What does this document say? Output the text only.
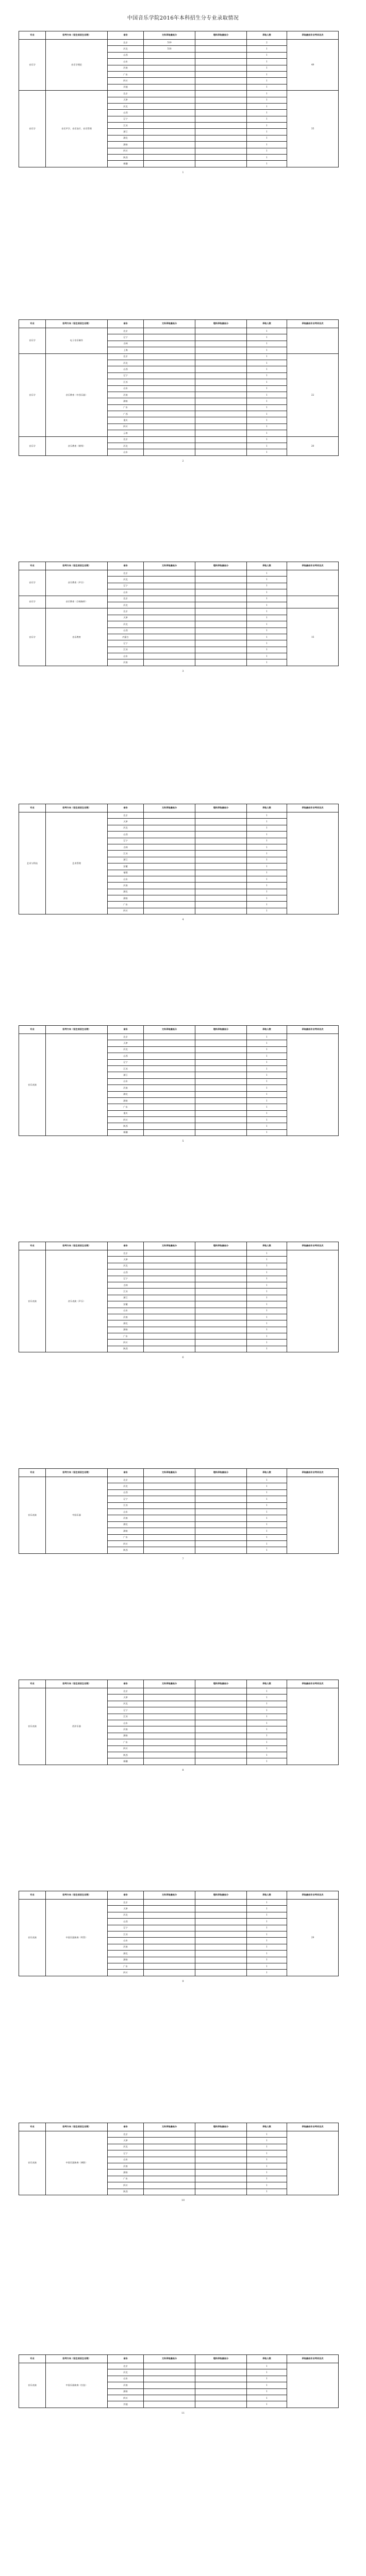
中国音乐学院2016年本科招生分专业录取情况
专业	招考方向（招生拟招生名数）	省份	文科录取最低分	理科录取最低分	录取人数	录取最低专业考试名次
音乐学	音乐学理论	北京	519		2	49
		河北	518		1	
		山西			1	
		山东			1	
		河南			1	
		广东			1	
		四川			1	
		其他			1	
音乐学	音乐声学、音乐治疗、音乐管理	北京			1	35
		天津			1	
		河北			1	
		山西			1	
		辽宁			1	
		江苏			1	
		浙江			1	
		湖北			1	
		湖南			1	
		四川			1	
		陕西			1	
		新疆			1	
1
专业	招考方向（招生拟招生名数）	省份	文科录取最低分	理科录取最低分	录取人数	录取最低专业考试名次
音乐学	电子音乐制作	北京			1	
		辽宁			1	
		吉林			1	
		上海			1	
音乐学	音乐教育（中西乐器）	北京			1	22
		河北			1	
		山西			1	
		辽宁			1	
		江苏			1	
		山东			1	
		河南			1	
		湖南			1	
		广东			1	
		广西			1	
		重庆			1	
		四川			1	
		云南			1	
音乐学	音乐教育（钢琴）	北京			1	20
		河北			1	
		山东			1	
2
专业	招考方向（招生拟招生名数）	省份	文科录取最低分	理科录取最低分	录取人数	录取最低专业考试名次
音乐学	音乐教育（声乐）	北京			1	
		河北			1	
		辽宁			1	
		山东			1	
音乐学	音乐教育（合唱指挥）	北京			1	
		河北			1	
音乐学	音乐教育	北京			1	15
		天津			1	
		河北			1	
		山西			1	
		内蒙古			1	
		辽宁			1	
		江苏			1	
		山东			1	
		河南			1	
3
专业	招考方向（招生拟招生名数）	省份	文科录取最低分	理科录取最低分	录取人数	录取最低专业考试名次
艺术与科技	艺术管理	北京			1	
		天津			1	
		河北			1	
		山西			1	
		辽宁			1	
		吉林			1	
		江苏			1	
		浙江			1	
		安徽			1	
		福建			1	
		山东			1	
		河南			1	
		湖北			1	
		湖南			1	
		广东			1	
		四川			1	
4
专业	招考方向（招生拟招生名数）	省份	文科录取最低分	理科录取最低分	录取人数	录取最低专业考试名次
音乐表演		北京			1	
		天津			1	
		河北			1	
		山西			1	
		辽宁			1	
		江苏			1	
		浙江			1	
		山东			1	
		河南			1	
		湖北			1	
		湖南			1	
		广东			1	
		重庆			1	
		四川			1	
		陕西			1	
		新疆			1	
5
专业	招考方向（招生拟招生名数）	省份	文科录取最低分	理科录取最低分	录取人数	录取最低专业考试名次
音乐表演	音乐表演（声乐）	北京			1	
		天津			1	
		河北			1	
		山西			1	
		辽宁			1	
		吉林			1	
		江苏			1	
		浙江			1	
		安徽			1	
		山东			1	
		河南			1	
		湖北			1	
		湖南			1	
		广东			1	
		四川			1	
		陕西			1	
6
专业	招考方向（招生拟招生名数）	省份	文科录取最低分	理科录取最低分	录取人数	录取最低专业考试名次
音乐表演	中国乐器	北京			1	
		河北			1	
		山西			1	
		辽宁			1	
		江苏			1	
		山东			1	
		河南			1	
		湖北			1	
		湖南			1	
		广东			1	
		四川			1	
		陕西			1	
7
专业	招考方向（招生拟招生名数）	省份	文科录取最低分	理科录取最低分	录取人数	录取最低专业考试名次
音乐表演	西洋乐器	北京			1	
		天津			1	
		河北			1	
		辽宁			1	
		江苏			1	
		山东			1	
		河南			1	
		湖南			1	
		广东			1	
		四川			1	
		陕西			1	
		新疆			1	
8
专业	招考方向（招生拟招生名数）	省份	文科录取最低分	理科录取最低分	录取人数	录取最低专业考试名次
音乐表演	中国乐器演奏（吹管）	北京			1	29
		天津			1	
		河北			1	
		山西			1	
		辽宁			1	
		江苏			1	
		山东			1	
		河南			1	
		湖北			1	
		湖南			1	
		广东			1	
		四川			1	
9
专业	招考方向（招生拟招生名数）	省份	文科录取最低分	理科录取最低分	录取人数	录取最低专业考试名次
音乐表演	中国乐器演奏（弹拨）	北京			1	
		天津			1	
		河北			1	
		辽宁			1	
		山东			1	
		河南			1	
		湖南			1	
		广东			1	
		四川			1	
		陕西			1	
10
专业	招考方向（招生拟招生名数）	省份	文科录取最低分	理科录取最低分	录取人数	录取最低专业考试名次
音乐表演	中国乐器演奏（拉弦）	北京			1	
		河北			1	
		山东			1	
		河南			1	
		湖南			1	
		四川			1	
		其他			1	
11
